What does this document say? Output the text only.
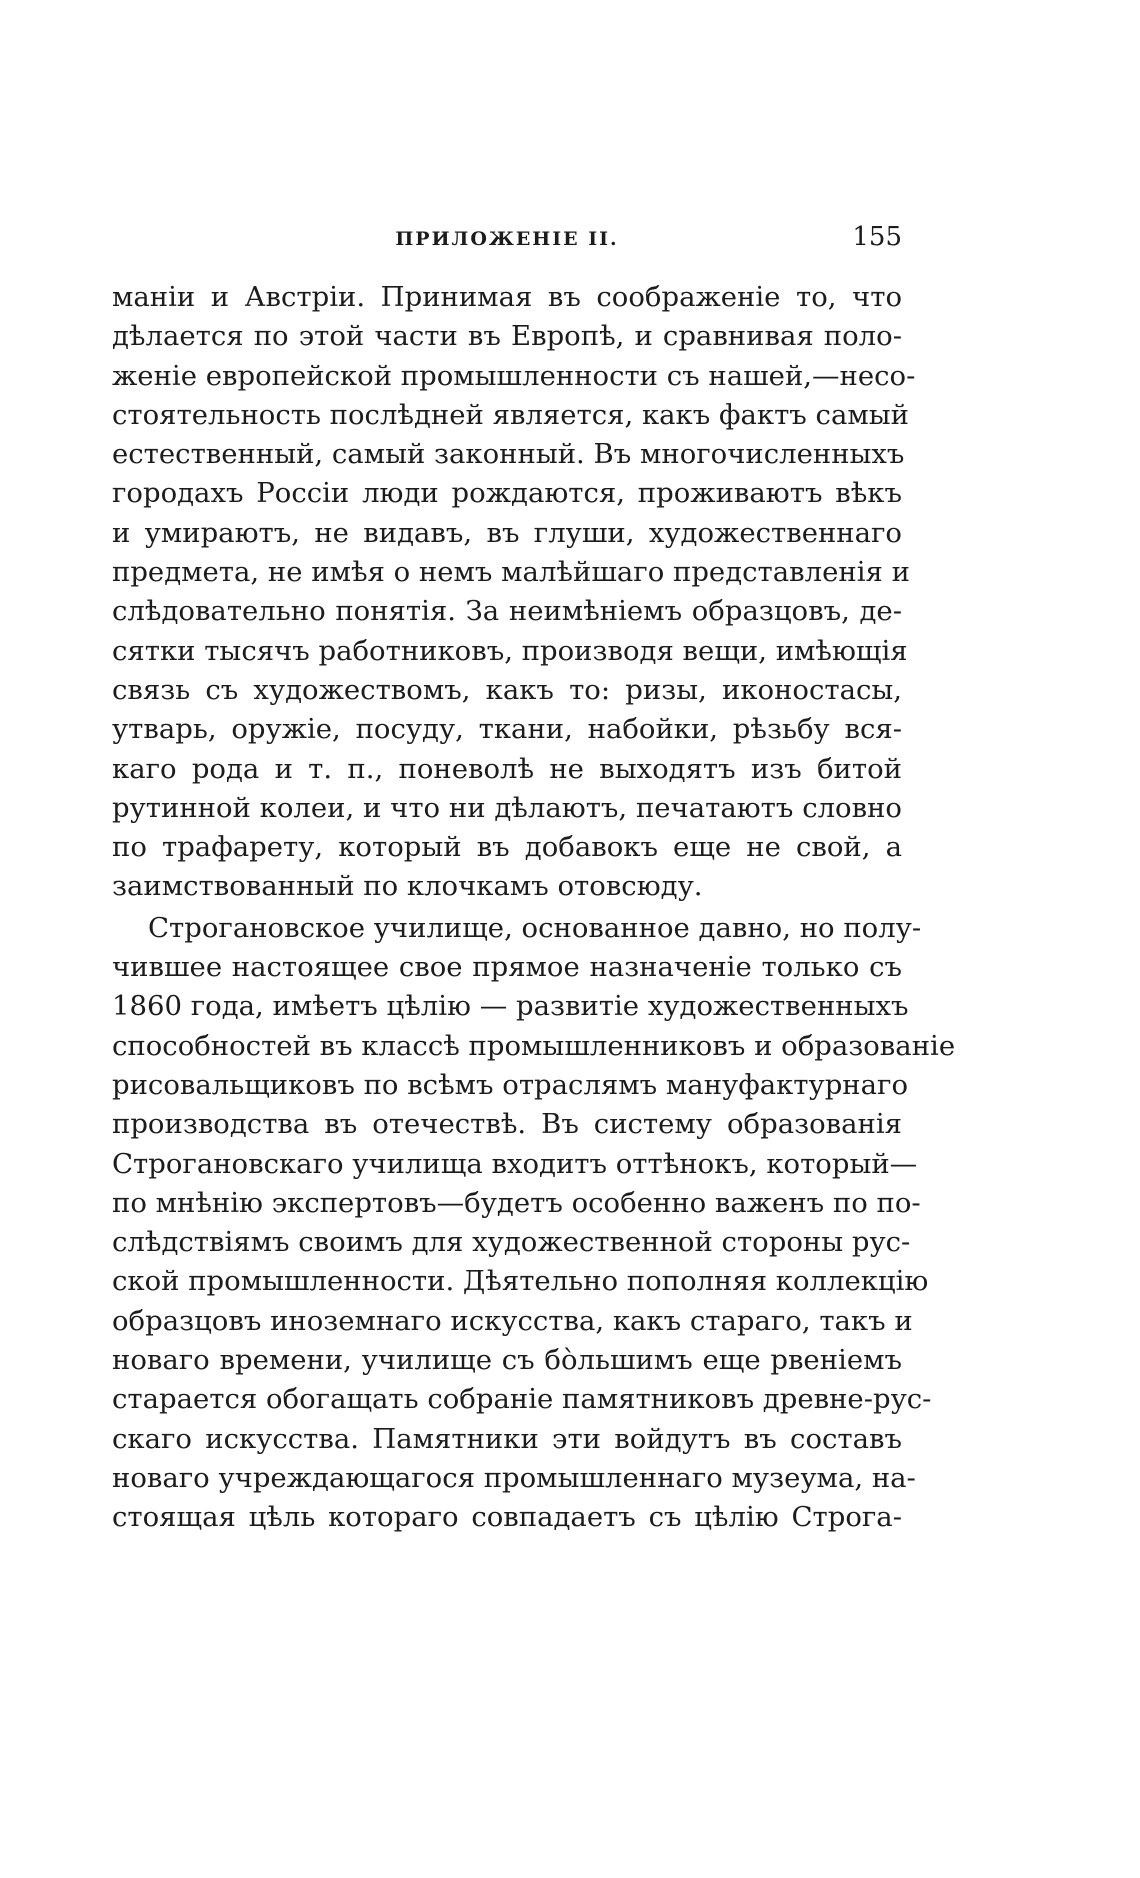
ПРИЛОЖЕНІЕ II.	155
маніи и Австріи. Принимая въ соображеніе то, что
дѣлается по этой части въ Европѣ, и сравнивая поло-
женіе европейской промышленности съ нашей,—несо-
стоятельность послѣдней является, какъ фактъ самый
естественный, самый законный. Въ многочисленныхъ
городахъ Россіи люди рождаются, проживаютъ вѣкъ
и умираютъ, не видавъ, въ глуши, художественнаго
предмета, не имѣя о немъ малѣйшаго представленія и
слѣдовательно понятія. За неимѣніемъ образцовъ, де-
сятки тысячъ работниковъ, производя вещи, имѣющія
связь съ художествомъ, какъ то: ризы, иконостасы,
утварь, оружіе, посуду, ткани, набойки, рѣзьбу вся-
каго рода и т. п., поневолѣ не выходятъ изъ битой
рутинной колеи, и что ни дѣлаютъ, печатаютъ словно
по трафарету, который въ добавокъ еще не свой, а
заимствованный по клочкамъ отовсюду.
Строгановское училище, основанное давно, но полу-
чившее настоящее свое прямое назначеніе только съ
1860 года, имѣетъ цѣлію — развитіе художественныхъ
способностей въ классѣ промышленниковъ и образованіе
рисовальщиковъ по всѣмъ отраслямъ мануфактурнаго
производства въ отечествѣ. Въ систему образованія
Строгановскаго училища входитъ оттѣнокъ, который—
по мнѣнію экспертовъ—будетъ особенно важенъ по по-
слѣдствіямъ своимъ для художественной стороны рус-
ской промышленности. Дѣятельно пополняя коллекцію
образцовъ иноземнаго искусства, какъ стараго, такъ и
новаго времени, училище съ бòльшимъ еще рвеніемъ
старается обогащать собраніе памятниковъ древне-рус-
скаго искусства. Памятники эти войдутъ въ составъ
новаго учреждающагося промышленнаго музеума, на-
стоящая цѣль котораго совпадаетъ съ цѣлію Строга-
